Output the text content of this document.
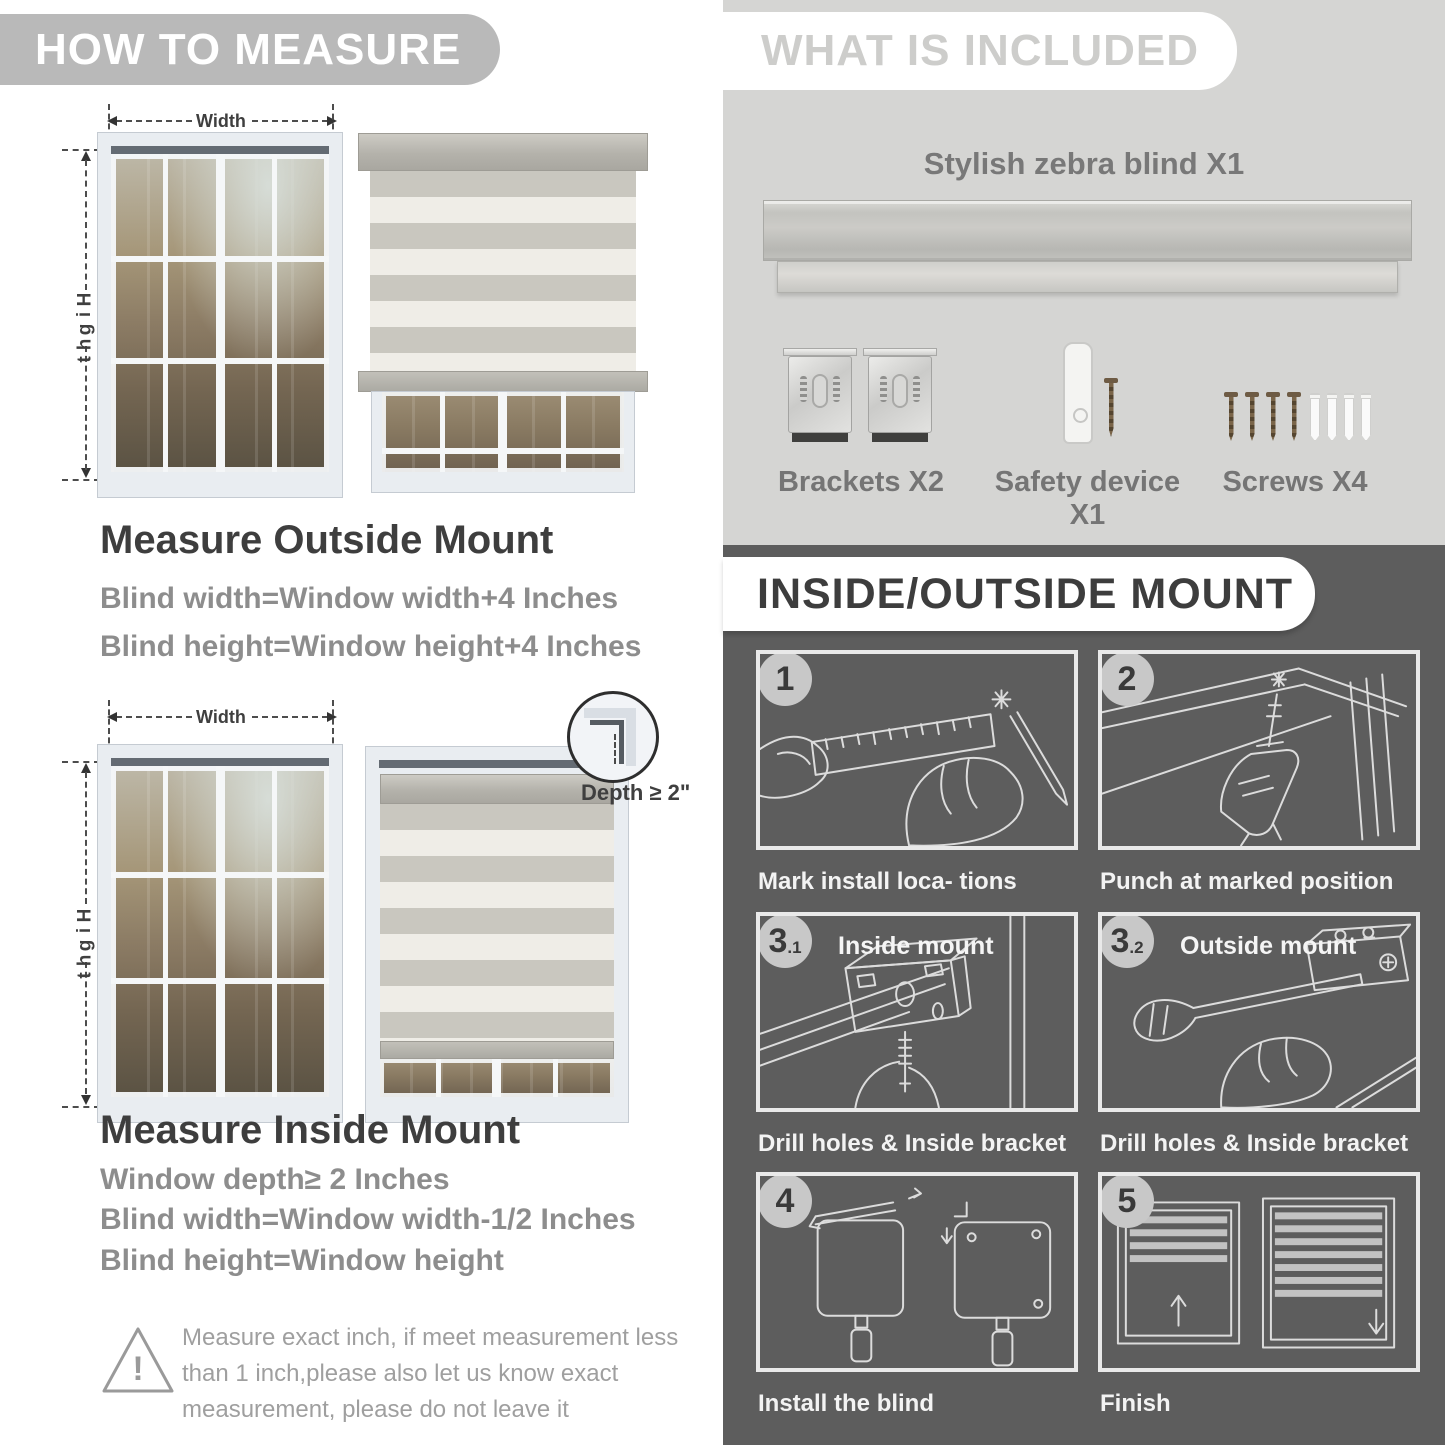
HOW TO MEASURE
Width
H
i
g
h
t
Measure Outside Mount
Blind width=Window width+4 Inches
Blind height=Window height+4 Inches
Width
H
i
g
h
t
Depth ≥ 2"
Measure Inside Mount
Window depth≥ 2 Inches
Blind width=Window width-1/2 Inches
Blind height=Window height
!
Measure exact inch, if meet measurement less
than 1 inch,please also let us know exact
measurement, please do not leave it
WHAT IS INCLUDED
Stylish zebra blind X1
Brackets X2	Safety device X1
Screws X4
INSIDE/OUTSIDE MOUNT
1
Mark install loca- tions
2
Punch at marked position
3 .1 Inside mount
Drill holes & Inside bracket
3 .2 Outside mount
Drill holes & Inside bracket
4
Install the blind
5
Finish
